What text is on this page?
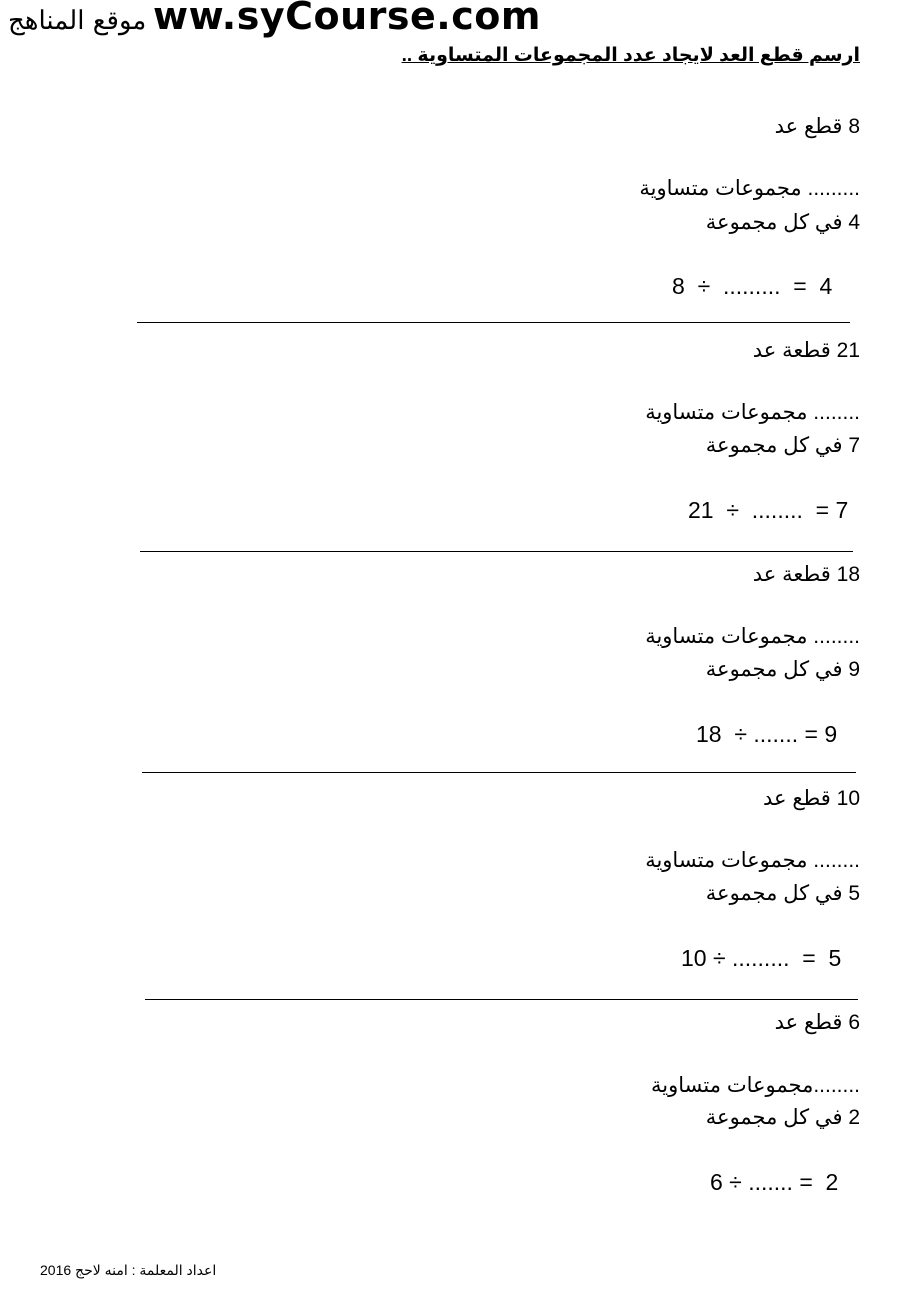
موقع المناهج ww.syCourse.com
ارسم قطع العد لايجاد عدد المجموعات المتساوية ..
8 قطع عد
......... مجموعات متساوية
4 في كل مجموعة
8  ÷  .........  =  4
21 قطعة عد
........ مجموعات متساوية
7 في كل مجموعة
21  ÷  ........  = 7
18 قطعة عد
........ مجموعات متساوية
9 في كل مجموعة
18  ÷ ....... = 9
10 قطع عد
........ مجموعات متساوية
5 في كل مجموعة
10 ÷ .........  =  5
6 قطع عد
........مجموعات متساوية
2 في كل مجموعة
6 ÷ ....... =  2
اعداد المعلمة : امنه لاحج 2016
